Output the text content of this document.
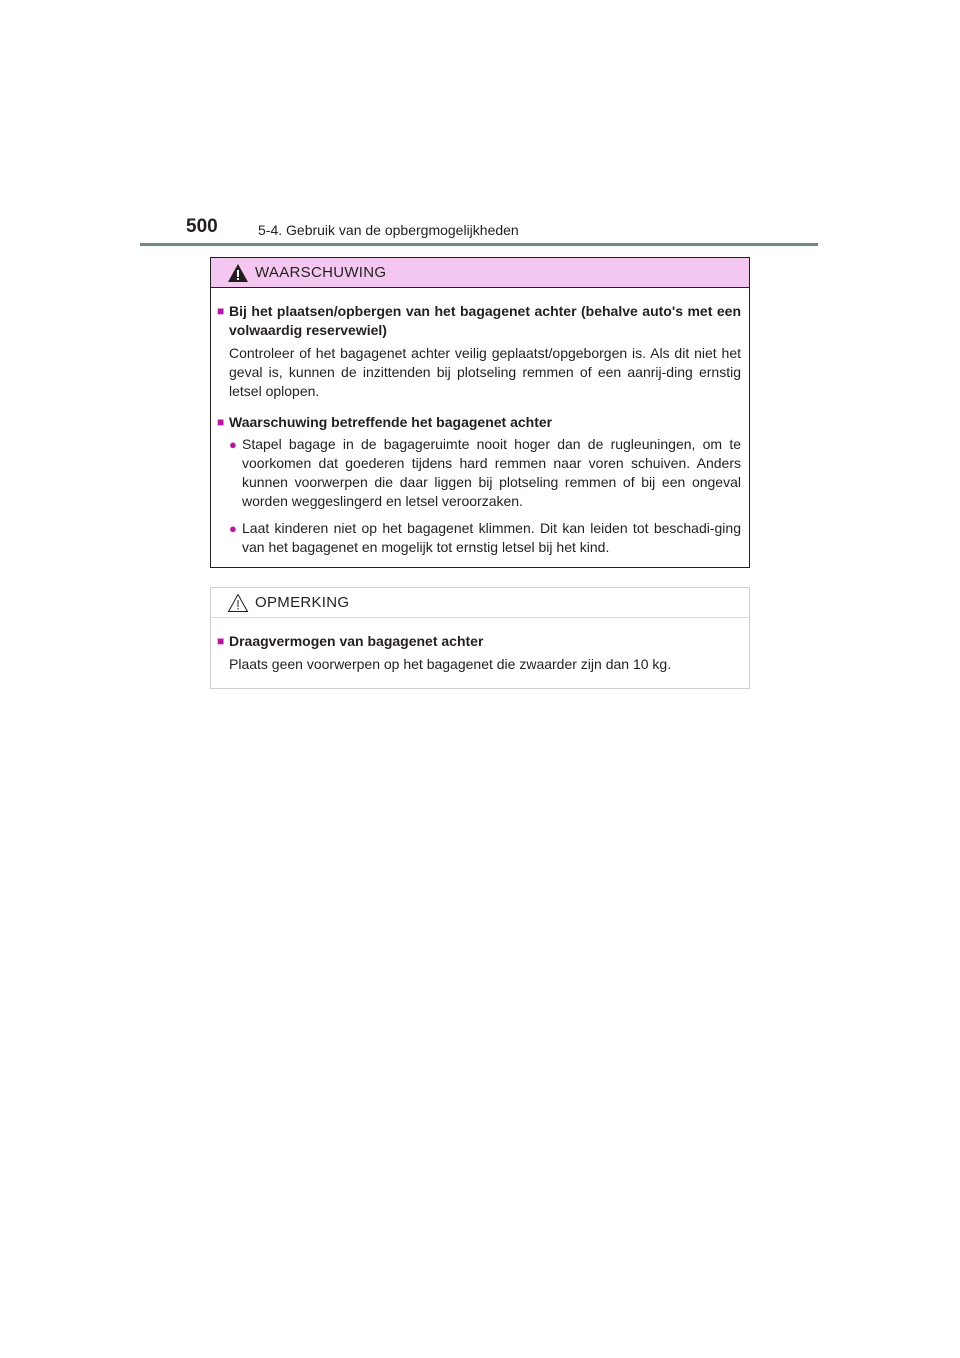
500	5-4. Gebruik van de opbergmogelijkheden
WAARSCHUWING
■ Bij het plaatsen/opbergen van het bagagenet achter (behalve auto's met een volwaardig reservewiel)
Controleer of het bagagenet achter veilig geplaatst/opgeborgen is. Als dit niet het geval is, kunnen de inzittenden bij plotseling remmen of een aanrij-ding ernstig letsel oplopen.
■ Waarschuwing betreffende het bagagenet achter
● Stapel bagage in de bagageruimte nooit hoger dan de rugleuningen, om te voorkomen dat goederen tijdens hard remmen naar voren schuiven. Anders kunnen voorwerpen die daar liggen bij plotseling remmen of bij een ongeval worden weggeslingerd en letsel veroorzaken.
● Laat kinderen niet op het bagagenet klimmen. Dit kan leiden tot beschadi-ging van het bagagenet en mogelijk tot ernstig letsel bij het kind.
OPMERKING
■ Draagvermogen van bagagenet achter
Plaats geen voorwerpen op het bagagenet die zwaarder zijn dan 10 kg.
